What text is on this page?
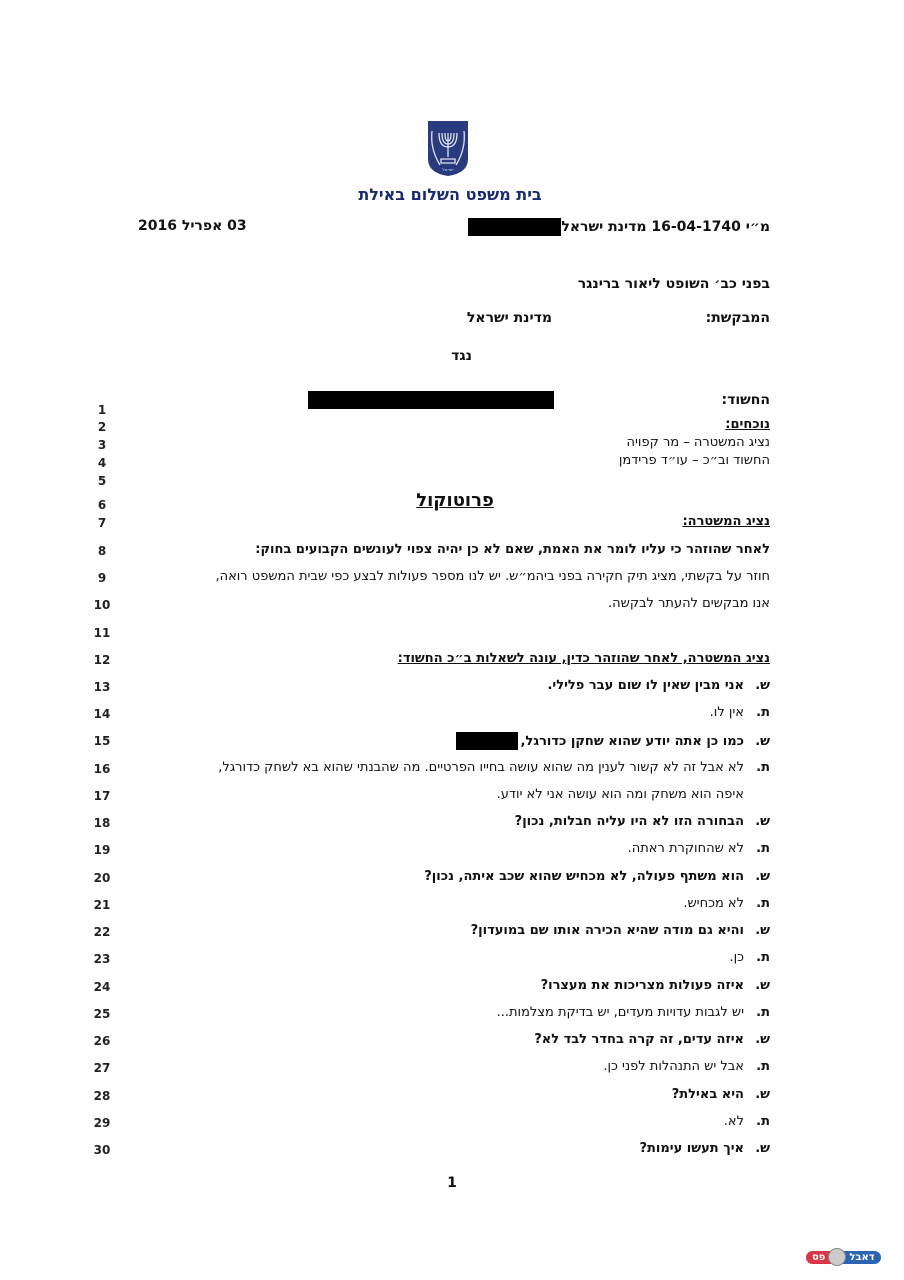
ישראל
בית משפט השלום באילת
מ״י 16-04-1740 מדינת ישראל
03 אפריל 2016
בפני כב׳ השופט ליאור ברינגר
המבקשת:
מדינת ישראל
נגד
החשוד:
1
2
3
4
5
6
7
8
9
10
11
12
13
14
15
16
17
18
19
20
21
22
23
24
25
26
27
28
29
30
נוכחים:
נציג המשטרה – מר קפויה
החשוד וב״כ – עו״ד פרידמן
פרוטוקול
נציג המשטרה:
לאחר שהוזהר כי עליו לומר את האמת, שאם לא כן יהיה צפוי לעונשים הקבועים בחוק:
חוזר על בקשתי, מציג תיק חקירה בפני ביהמ״ש. יש לנו מספר פעולות לבצע כפי שבית המשפט רואה,
אנו מבקשים להעתר לבקשה.
נציג המשטרה, לאחר שהוזהר כדין, עונה לשאלות ב״כ החשוד:
ש.
אני מבין שאין לו שום עבר פלילי.
ת.
אין לו.
ש.
כמו כן אתה יודע שהוא שחקן כדורגל,
ת.
לא אבל זה לא קשור לענין מה שהוא עושה בחייו הפרטיים. מה שהבנתי שהוא בא לשחק כדורגל,
איפה הוא משחק ומה הוא עושה אני לא יודע.
ש.
הבחורה הזו לא היו עליה חבלות, נכון?
ת.
לא שהחוקרת ראתה.
ש.
הוא משתף פעולה, לא מכחיש שהוא שכב איתה, נכון?
ת.
לא מכחיש.
ש.
והיא גם מודה שהיא הכירה אותו שם במועדון?
ת.
כן.
ש.
איזה פעולות מצריכות את מעצרו?
ת.
יש לגבות עדויות מעדים, יש בדיקת מצלמות...
ש.
איזה עדים, זה קרה בחדר לבד לא?
ת.
אבל יש התנהלות לפני כן.
ש.
היא באילת?
ת.
לא.
ש.
איך תעשו עימות?
1
פס	דאבל
